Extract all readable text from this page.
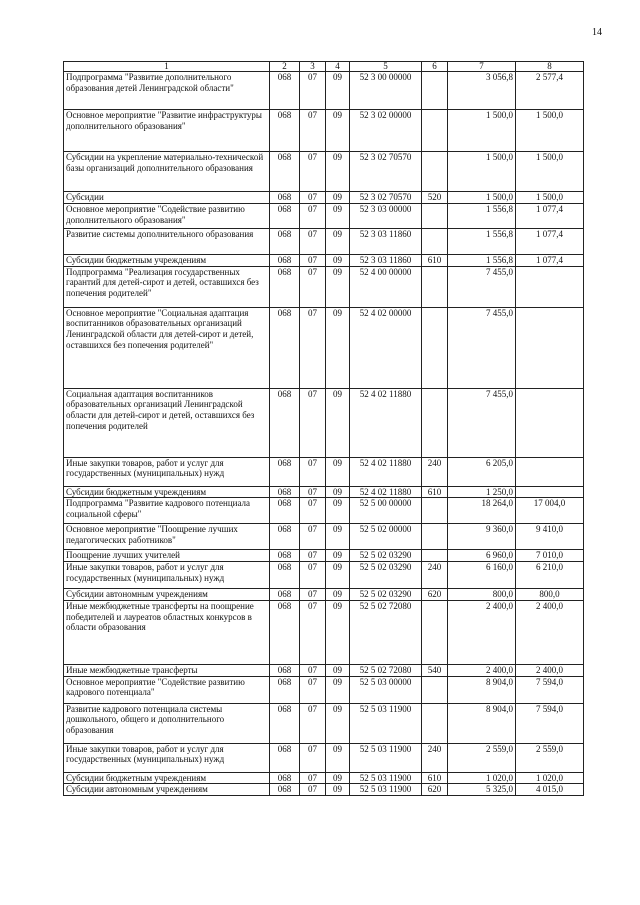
14
1	2	3	4	5	6	7	8
Подпрограмма "Развитие дополнительного образования детей Ленинградской области"	068	07	09	52 3 00 00000		3 056,8	2 577,4
Основное мероприятие "Развитие инфраструктуры дополнительного образования"	068	07	09	52 3 02 00000		1 500,0	1 500,0
Субсидии на укрепление материально-технической базы организаций дополнительного образования	068	07	09	52 3 02 70570		1 500,0	1 500,0
Субсидии	068	07	09	52 3 02 70570	520	1 500,0	1 500,0
Основное мероприятие "Содействие развитию дополнительного образования"	068	07	09	52 3 03 00000		1 556,8	1 077,4
Развитие системы дополнительного образования	068	07	09	52 3 03 11860		1 556,8	1 077,4
Субсидии бюджетным учреждениям	068	07	09	52 3 03 11860	610	1 556,8	1 077,4
Подпрограмма "Реализация государственных гарантий для детей-сирот и детей, оставшихся без попечения родителей"	068	07	09	52 4 00 00000		7 455,0	
Основное мероприятие "Социальная адаптация воспитанников образовательных организаций Ленинградской области для детей-сирот и детей, оставшихся без попечения родителей"	068	07	09	52 4 02 00000		7 455,0	
Социальная адаптация воспитанников образовательных организаций Ленинградской области для детей-сирот и детей, оставшихся без попечения родителей	068	07	09	52 4 02 11880		7 455,0	
Иные закупки товаров, работ и услуг для государственных (муниципальных) нужд	068	07	09	52 4 02 11880	240	6 205,0	
Субсидии бюджетным учреждениям	068	07	09	52 4 02 11880	610	1 250,0	
Подпрограмма "Развитие кадрового потенциала социальной сферы"	068	07	09	52 5 00 00000		18 264,0	17 004,0
Основное мероприятие "Поощрение лучших педагогических работников"	068	07	09	52 5 02 00000		9 360,0	9 410,0
Поощрение лучших учителей	068	07	09	52 5 02 03290		6 960,0	7 010,0
Иные закупки товаров, работ и услуг для государственных (муниципальных) нужд	068	07	09	52 5 02 03290	240	6 160,0	6 210,0
Субсидии автономным учреждениям	068	07	09	52 5 02 03290	620	800,0	800,0
Иные межбюджетные трансферты на поощрение победителей и лауреатов областных конкурсов в области образования	068	07	09	52 5 02 72080		2 400,0	2 400,0
Иные межбюджетные трансферты	068	07	09	52 5 02 72080	540	2 400,0	2 400,0
Основное мероприятие "Содействие развитию кадрового потенциала"	068	07	09	52 5 03 00000		8 904,0	7 594,0
Развитие кадрового потенциала системы дошкольного, общего и дополнительного образования	068	07	09	52 5 03 11900		8 904,0	7 594,0
Иные закупки товаров, работ и услуг для государственных (муниципальных) нужд	068	07	09	52 5 03 11900	240	2 559,0	2 559,0
Субсидии бюджетным учреждениям	068	07	09	52 5 03 11900	610	1 020,0	1 020,0
Субсидии автономным учреждениям	068	07	09	52 5 03 11900	620	5 325,0	4 015,0
